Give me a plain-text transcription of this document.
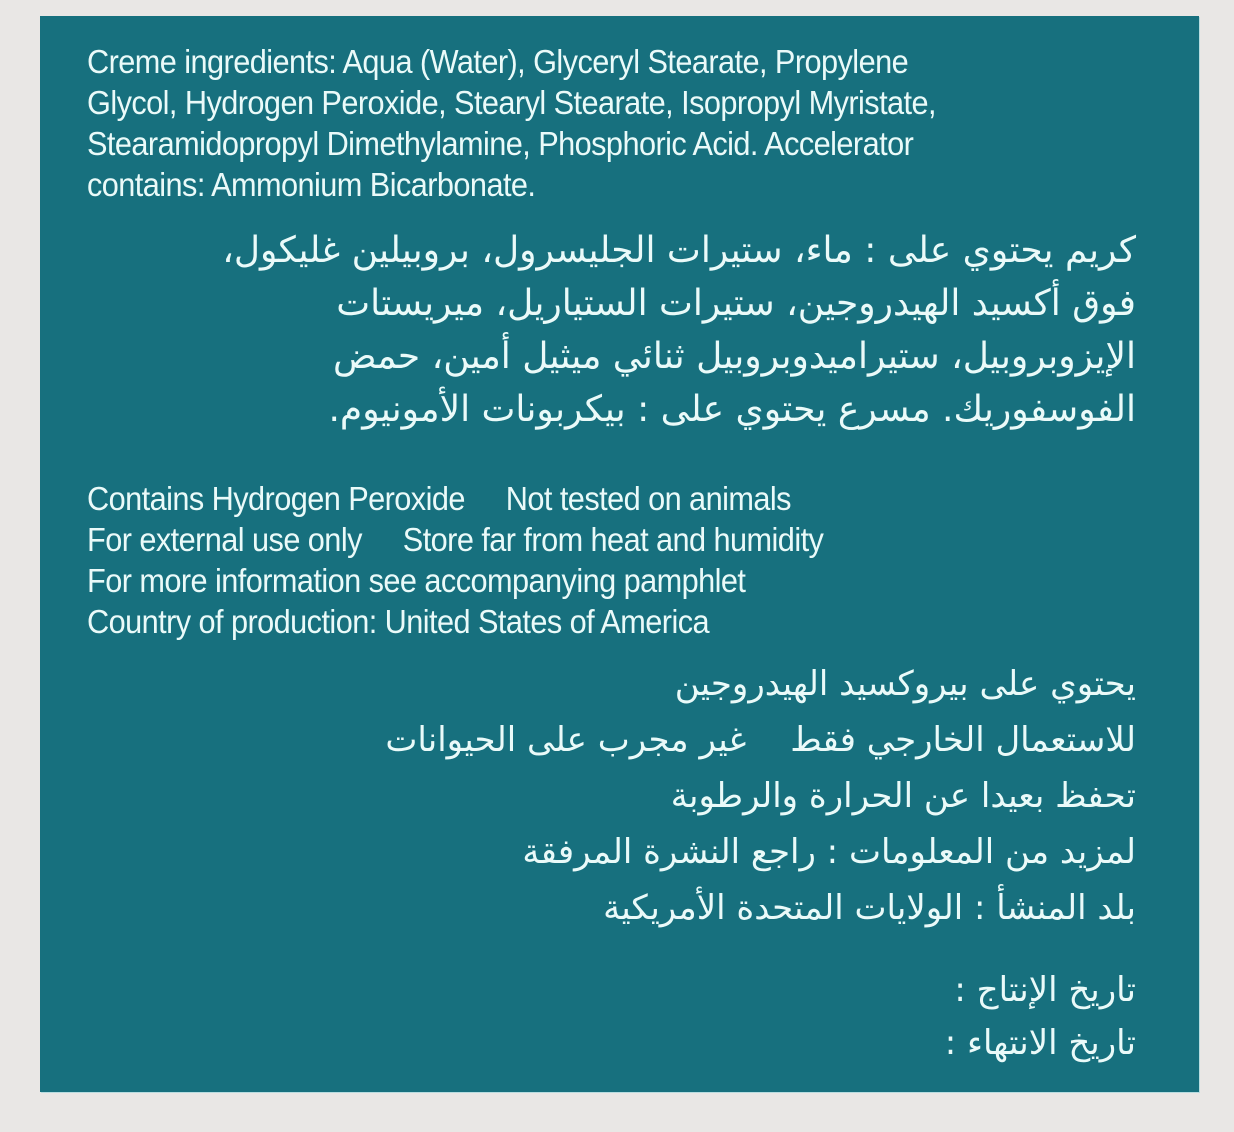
Creme ingredients: Aqua (Water), Glyceryl Stearate, Propylene
Glycol, Hydrogen Peroxide, Stearyl Stearate, Isopropyl Myristate,
Stearamidopropyl Dimethylamine, Phosphoric Acid. Accelerator
contains: Ammonium Bicarbonate.
كريم يحتوي على : ماء، ستيرات الجليسرول، بروبيلين غليكول،
فوق أكسيد الهيدروجين، ستيرات الستياريل، ميريستات
الإيزوبروبيل، ستيراميدوبروبيل ثنائي ميثيل أمين، حمض
الفوسفوريك. مسرع يحتوي على : بيكربونات الأمونيوم.
Contains Hydrogen Peroxide Not tested on animals
For external use only Store far from heat and humidity
For more information see accompanying pamphlet
Country of production: United States of America
يحتوي على بيروكسيد الهيدروجين
للاستعمال الخارجي فقطغير مجرب على الحيوانات
تحفظ بعيدا عن الحرارة والرطوبة
لمزيد من المعلومات : راجع النشرة المرفقة
بلد المنشأ : الولايات المتحدة الأمريكية
تاريخ الإنتاج :
تاريخ الانتهاء :
